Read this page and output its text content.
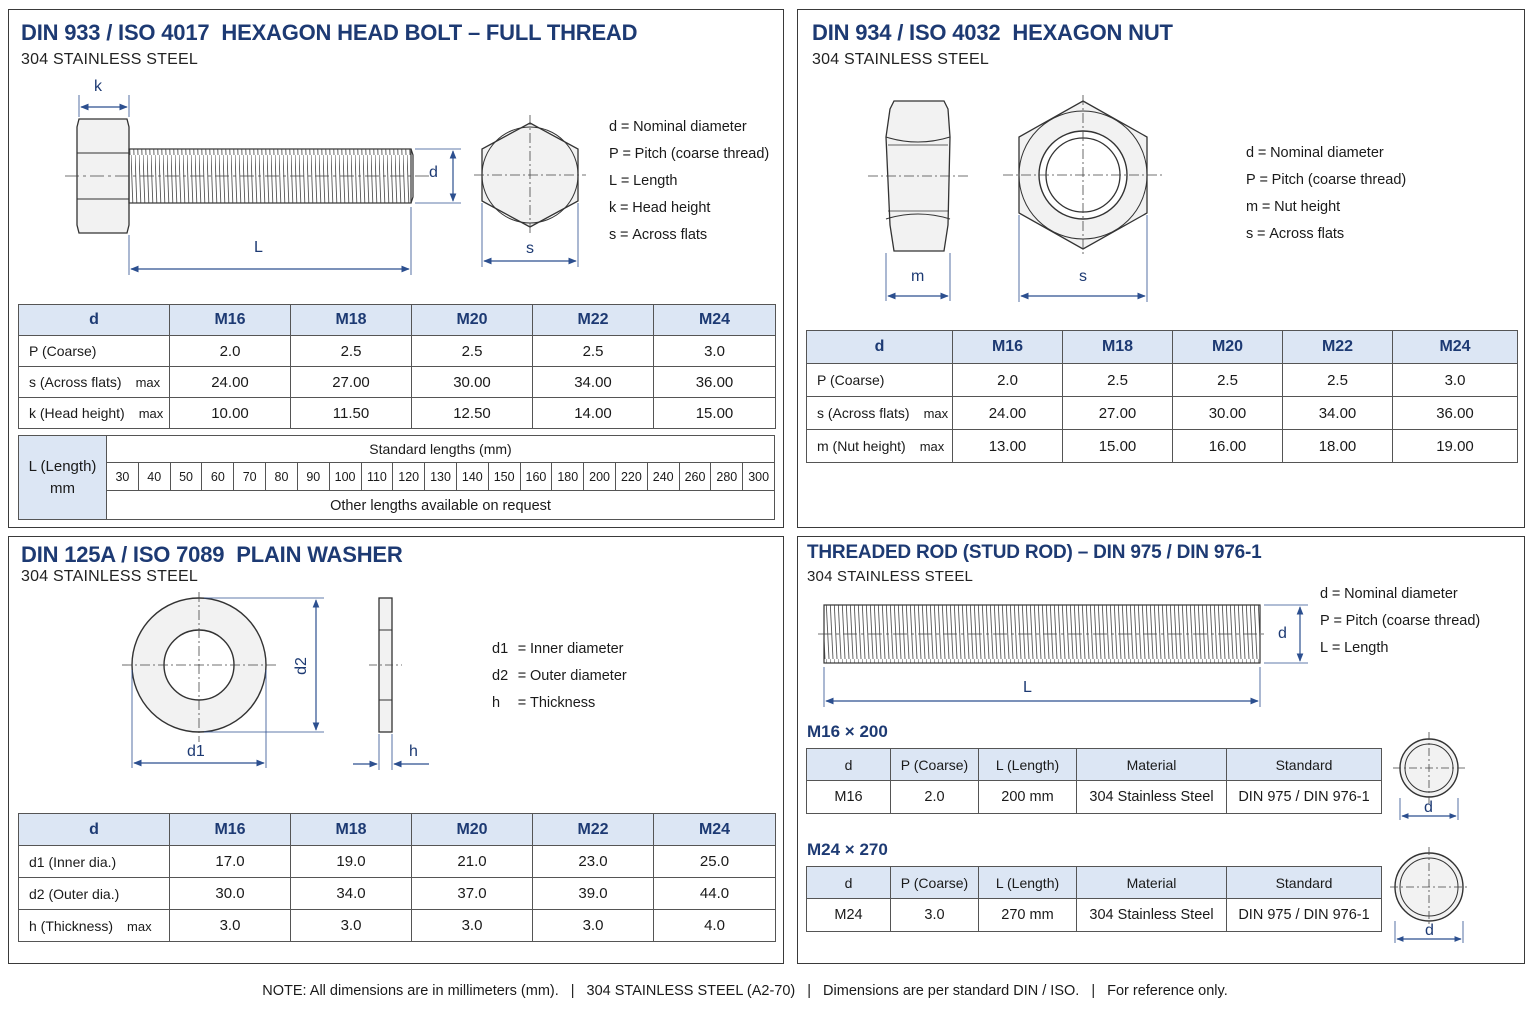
DIN 933 / ISO 4017 HEXAGON HEAD BOLT – FULL THREAD
304 STAINLESS STEEL
k
d
L	s
d = Nominal diameter
P = Pitch (coarse thread)
L = Length
k = Head height
s = Across flats
d	M16	M18	M20	M22	M24
P (Coarse)	2.0	2.5	2.5	2.5	3.0
s (Across flats) max	24.00	27.00	30.00	34.00	36.00
k (Head height) max	10.00	11.50	12.50	14.00	15.00
L (Length)
mm
Standard lengths (mm)
30	40	50	60	70	80	90	100 110 120 130 140 150 160 180 200 220 240 260 280 300
Other lengths available on request
DIN 934 / ISO 4032 HEXAGON NUT
304 STAINLESS STEEL
m	s
d = Nominal diameter
P = Pitch (coarse thread)
m = Nut height
s = Across flats
d	M16	M18	M20	M22	M24
P (Coarse)	2.0	2.5	2.5	2.5	3.0
s (Across flats) max	24.00	27.00	30.00	34.00	36.00
m (Nut height) max	13.00	15.00	16.00	18.00	19.00
DIN 125A / ISO 7089 PLAIN WASHER
304 STAINLESS STEEL
d2
d1	h
d1 = Inner diameter
d2 = Outer diameter
h = Thickness
d	M16	M18	M20	M22	M24
d1 (Inner dia.)	17.0	19.0	21.0	23.0	25.0
d2 (Outer dia.)	30.0	34.0	37.0	39.0	44.0
h (Thickness) max	3.0	3.0	3.0	3.0	4.0
THREADED ROD (STUD ROD) – DIN 975 / DIN 976-1
304 STAINLESS STEEL
d
L
d = Nominal diameter
P = Pitch (coarse thread)
L = Length
M16 × 200
d	P (Coarse)	L (Length)	Material	Standard
M16	2.0	200 mm	304 Stainless Steel	DIN 975 / DIN 976-1
d
M24 × 270
d	P (Coarse)	L (Length)	Material	Standard
M24	3.0	270 mm	304 Stainless Steel	DIN 975 / DIN 976-1
d
NOTE: All dimensions are in millimeters (mm). | 304 STAINLESS STEEL (A2-70) | Dimensions are per standard DIN / ISO. | For reference only.
